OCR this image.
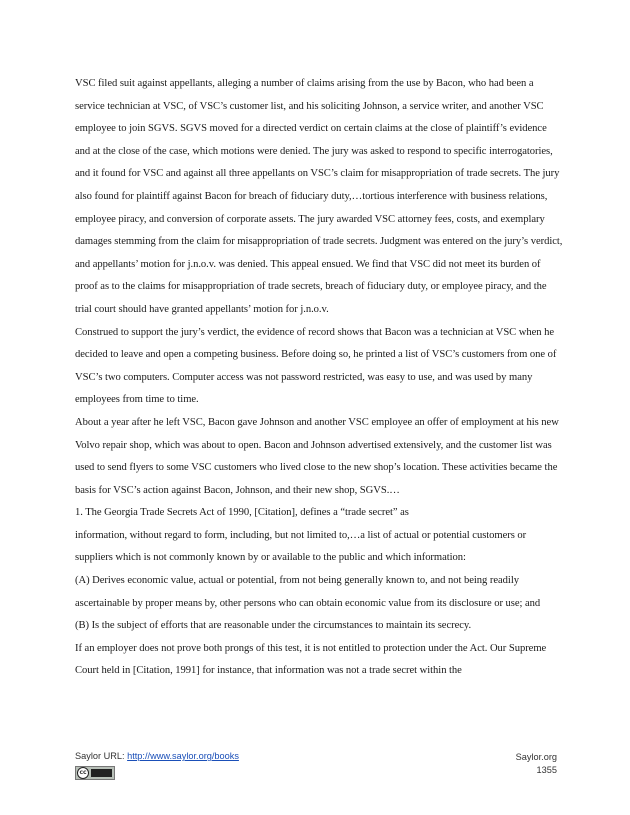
VSC filed suit against appellants, alleging a number of claims arising from the use by Bacon, who had been a service technician at VSC, of VSC’s customer list, and his soliciting Johnson, a service writer, and another VSC employee to join SGVS. SGVS moved for a directed verdict on certain claims at the close of plaintiff’s evidence and at the close of the case, which motions were denied. The jury was asked to respond to specific interrogatories, and it found for VSC and against all three appellants on VSC’s claim for misappropriation of trade secrets. The jury also found for plaintiff against Bacon for breach of fiduciary duty,…tortious interference with business relations, employee piracy, and conversion of corporate assets. The jury awarded VSC attorney fees, costs, and exemplary damages stemming from the claim for misappropriation of trade secrets. Judgment was entered on the jury’s verdict, and appellants’ motion for j.n.o.v. was denied. This appeal ensued. We find that VSC did not meet its burden of proof as to the claims for misappropriation of trade secrets, breach of fiduciary duty, or employee piracy, and the trial court should have granted appellants’ motion for j.n.o.v.

Construed to support the jury’s verdict, the evidence of record shows that Bacon was a technician at VSC when he decided to leave and open a competing business. Before doing so, he printed a list of VSC’s customers from one of VSC’s two computers. Computer access was not password restricted, was easy to use, and was used by many employees from time to time.

About a year after he left VSC, Bacon gave Johnson and another VSC employee an offer of employment at his new Volvo repair shop, which was about to open. Bacon and Johnson advertised extensively, and the customer list was used to send flyers to some VSC customers who lived close to the new shop’s location. These activities became the basis for VSC’s action against Bacon, Johnson, and their new shop, SGVS.…

1. The Georgia Trade Secrets Act of 1990, [Citation], defines a “trade secret” as

information, without regard to form, including, but not limited to,…a list of actual or potential customers or suppliers which is not commonly known by or available to the public and which information:

(A) Derives economic value, actual or potential, from not being generally known to, and not being readily ascertainable by proper means by, other persons who can obtain economic value from its disclosure or use; and

(B) Is the subject of efforts that are reasonable under the circumstances to maintain its secrecy.

If an employer does not prove both prongs of this test, it is not entitled to protection under the Act. Our Supreme Court held in [Citation, 1991] for instance, that information was not a trade secret within the

Saylor URL: http://www.saylor.org/books
cc
Saylor.org
1355
